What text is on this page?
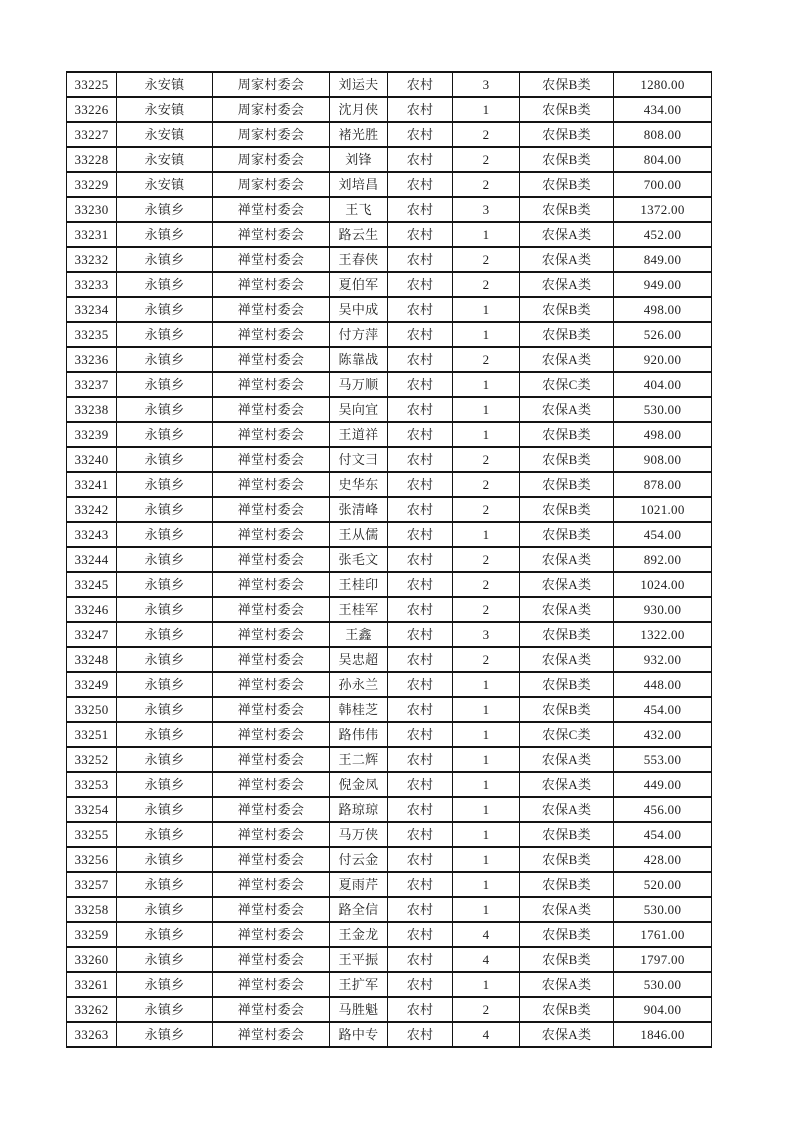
33225	永安镇	周家村委会	刘运夫	农村	3	农保B类	1280.00
33226	永安镇	周家村委会	沈月侠	农村	1	农保B类	434.00
33227	永安镇	周家村委会	褚光胜	农村	2	农保B类	808.00
33228	永安镇	周家村委会	刘锋	农村	2	农保B类	804.00
33229	永安镇	周家村委会	刘培昌	农村	2	农保B类	700.00
33230	永镇乡	禅堂村委会	王飞	农村	3	农保B类	1372.00
33231	永镇乡	禅堂村委会	路云生	农村	1	农保A类	452.00
33232	永镇乡	禅堂村委会	王春侠	农村	2	农保A类	849.00
33233	永镇乡	禅堂村委会	夏伯军	农村	2	农保A类	949.00
33234	永镇乡	禅堂村委会	吴中成	农村	1	农保B类	498.00
33235	永镇乡	禅堂村委会	付方萍	农村	1	农保B类	526.00
33236	永镇乡	禅堂村委会	陈靠战	农村	2	农保A类	920.00
33237	永镇乡	禅堂村委会	马万顺	农村	1	农保C类	404.00
33238	永镇乡	禅堂村委会	吴向宜	农村	1	农保A类	530.00
33239	永镇乡	禅堂村委会	王道祥	农村	1	农保B类	498.00
33240	永镇乡	禅堂村委会	付文彐	农村	2	农保B类	908.00
33241	永镇乡	禅堂村委会	史华东	农村	2	农保B类	878.00
33242	永镇乡	禅堂村委会	张清峰	农村	2	农保B类	1021.00
33243	永镇乡	禅堂村委会	王从儒	农村	1	农保B类	454.00
33244	永镇乡	禅堂村委会	张毛文	农村	2	农保A类	892.00
33245	永镇乡	禅堂村委会	王桂印	农村	2	农保A类	1024.00
33246	永镇乡	禅堂村委会	王桂军	农村	2	农保A类	930.00
33247	永镇乡	禅堂村委会	王鑫	农村	3	农保B类	1322.00
33248	永镇乡	禅堂村委会	吴忠超	农村	2	农保A类	932.00
33249	永镇乡	禅堂村委会	孙永兰	农村	1	农保B类	448.00
33250	永镇乡	禅堂村委会	韩桂芝	农村	1	农保B类	454.00
33251	永镇乡	禅堂村委会	路伟伟	农村	1	农保C类	432.00
33252	永镇乡	禅堂村委会	王二辉	农村	1	农保A类	553.00
33253	永镇乡	禅堂村委会	倪金凤	农村	1	农保A类	449.00
33254	永镇乡	禅堂村委会	路琼琼	农村	1	农保A类	456.00
33255	永镇乡	禅堂村委会	马万侠	农村	1	农保B类	454.00
33256	永镇乡	禅堂村委会	付云金	农村	1	农保B类	428.00
33257	永镇乡	禅堂村委会	夏雨芹	农村	1	农保B类	520.00
33258	永镇乡	禅堂村委会	路全信	农村	1	农保A类	530.00
33259	永镇乡	禅堂村委会	王金龙	农村	4	农保B类	1761.00
33260	永镇乡	禅堂村委会	王平振	农村	4	农保B类	1797.00
33261	永镇乡	禅堂村委会	王扩军	农村	1	农保A类	530.00
33262	永镇乡	禅堂村委会	马胜魁	农村	2	农保B类	904.00
33263	永镇乡	禅堂村委会	路中专	农村	4	农保A类	1846.00
